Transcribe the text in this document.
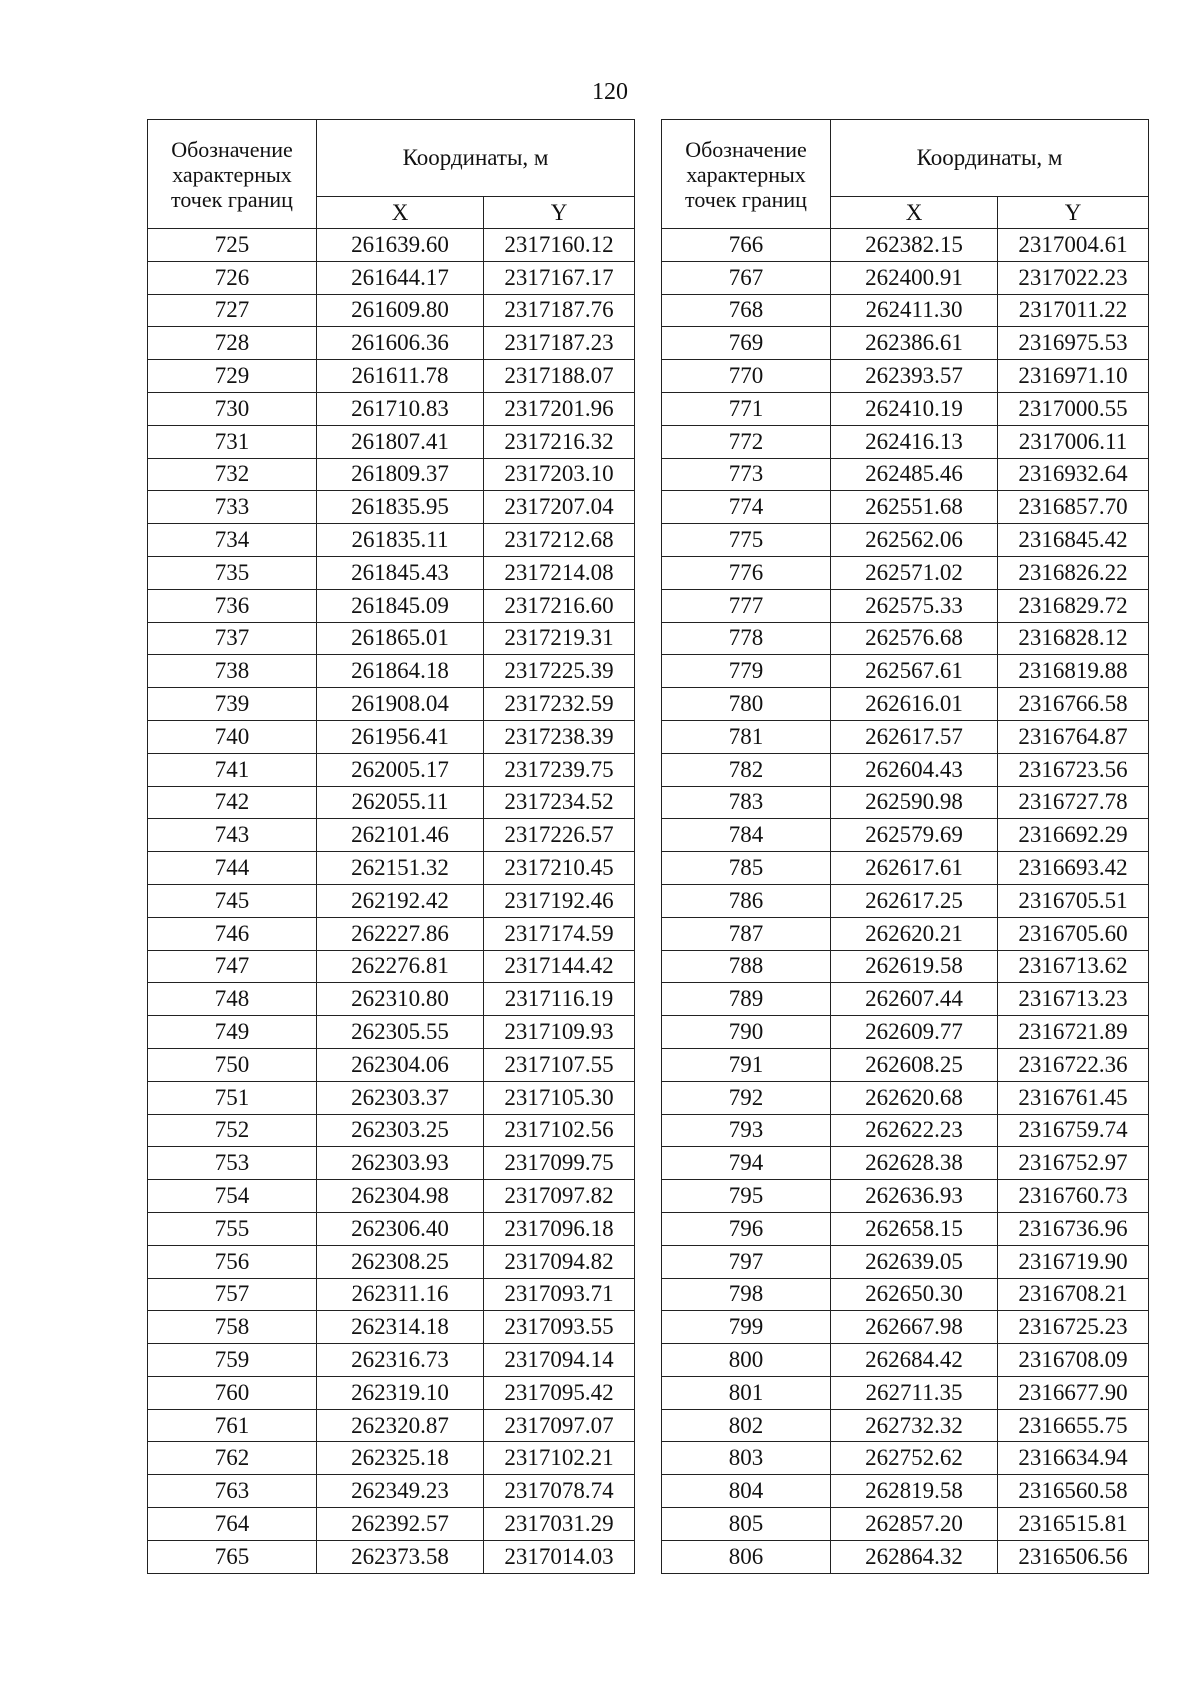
120
Обозначение характерных точек границ	Координаты, м	
	X	Y
725	261639.60	2317160.12
726	261644.17	2317167.17
727	261609.80	2317187.76
728	261606.36	2317187.23
729	261611.78	2317188.07
730	261710.83	2317201.96
731	261807.41	2317216.32
732	261809.37	2317203.10
733	261835.95	2317207.04
734	261835.11	2317212.68
735	261845.43	2317214.08
736	261845.09	2317216.60
737	261865.01	2317219.31
738	261864.18	2317225.39
739	261908.04	2317232.59
740	261956.41	2317238.39
741	262005.17	2317239.75
742	262055.11	2317234.52
743	262101.46	2317226.57
744	262151.32	2317210.45
745	262192.42	2317192.46
746	262227.86	2317174.59
747	262276.81	2317144.42
748	262310.80	2317116.19
749	262305.55	2317109.93
750	262304.06	2317107.55
751	262303.37	2317105.30
752	262303.25	2317102.56
753	262303.93	2317099.75
754	262304.98	2317097.82
755	262306.40	2317096.18
756	262308.25	2317094.82
757	262311.16	2317093.71
758	262314.18	2317093.55
759	262316.73	2317094.14
760	262319.10	2317095.42
761	262320.87	2317097.07
762	262325.18	2317102.21
763	262349.23	2317078.74
764	262392.57	2317031.29
765	262373.58	2317014.03
Обозначение характерных точек границ	Координаты, м	
	X	Y
766	262382.15	2317004.61
767	262400.91	2317022.23
768	262411.30	2317011.22
769	262386.61	2316975.53
770	262393.57	2316971.10
771	262410.19	2317000.55
772	262416.13	2317006.11
773	262485.46	2316932.64
774	262551.68	2316857.70
775	262562.06	2316845.42
776	262571.02	2316826.22
777	262575.33	2316829.72
778	262576.68	2316828.12
779	262567.61	2316819.88
780	262616.01	2316766.58
781	262617.57	2316764.87
782	262604.43	2316723.56
783	262590.98	2316727.78
784	262579.69	2316692.29
785	262617.61	2316693.42
786	262617.25	2316705.51
787	262620.21	2316705.60
788	262619.58	2316713.62
789	262607.44	2316713.23
790	262609.77	2316721.89
791	262608.25	2316722.36
792	262620.68	2316761.45
793	262622.23	2316759.74
794	262628.38	2316752.97
795	262636.93	2316760.73
796	262658.15	2316736.96
797	262639.05	2316719.90
798	262650.30	2316708.21
799	262667.98	2316725.23
800	262684.42	2316708.09
801	262711.35	2316677.90
802	262732.32	2316655.75
803	262752.62	2316634.94
804	262819.58	2316560.58
805	262857.20	2316515.81
806	262864.32	2316506.56
